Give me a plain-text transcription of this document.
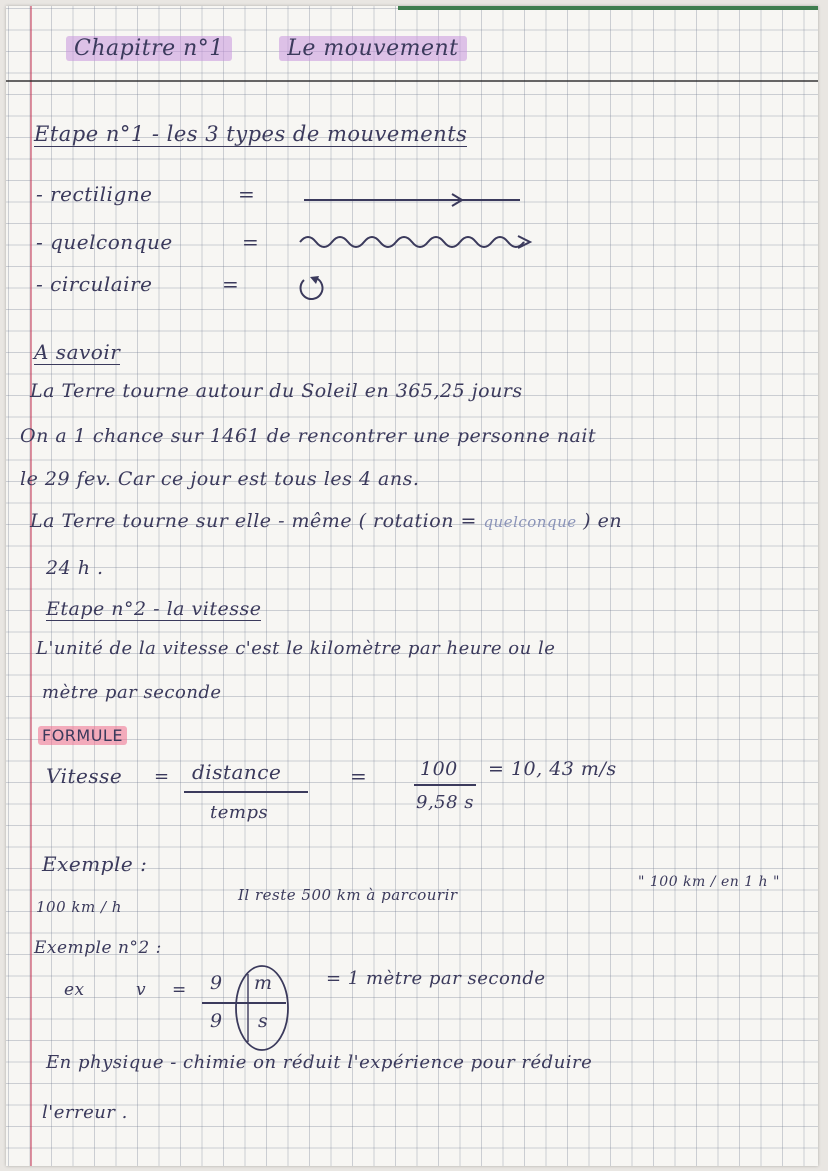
Chapitre n°1	Le mouvement
Etape n°1 - les 3 types de mouvements
- rectiligne	=
- quelconque	=
- circulaire	=
A savoir
La Terre tourne autour du Soleil en 365,25 jours
On a 1 chance sur 1461 de rencontrer une personne nait
le 29 fev. Car ce jour est tous les 4 ans.
La Terre tourne sur elle - même ( rotation = quelconque ) en
24 h .
Etape n°2 - la vitesse
L'unité de la vitesse c'est le kilomètre par heure ou le
mètre par seconde
FORMULE
Vitesse = distance
temps
=	100
9,58 s
= 10, 43 m/s
Exemple :
100 km / h
Il reste 500 km à parcourir
" 100 km / en 1 h "
Exemple n°2 :
ex	v = 9 m
9 s
= 1 mètre par seconde
En physique - chimie on réduit l'expérience pour réduire
l'erreur .
